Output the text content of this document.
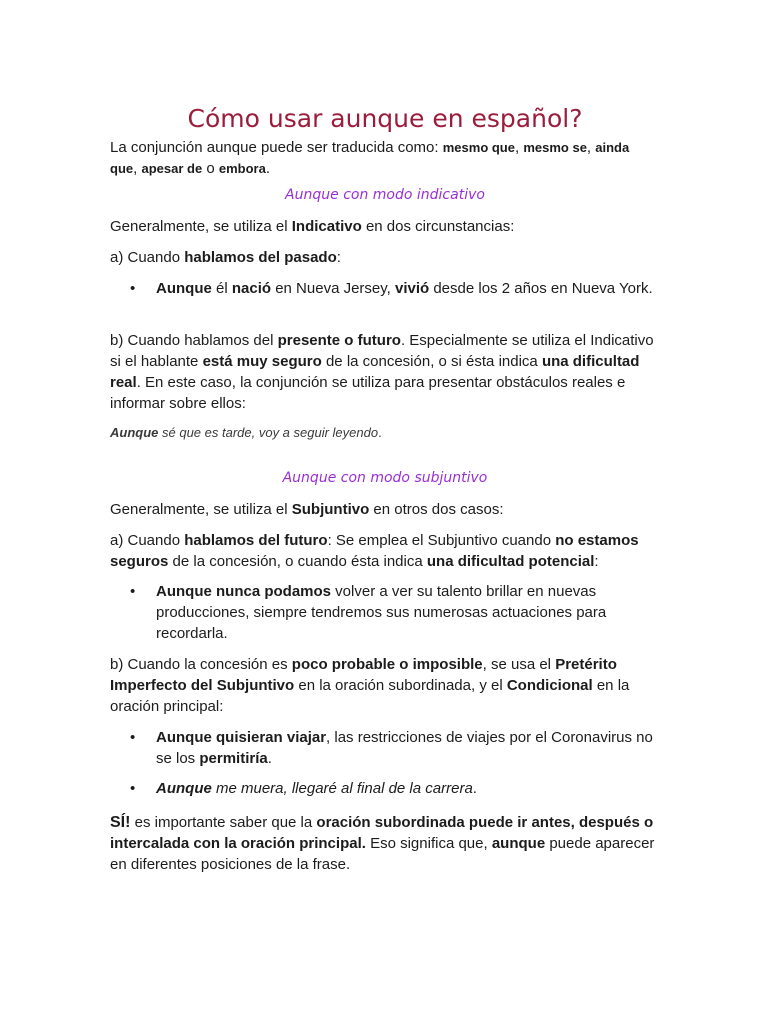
Cómo usar aunque en español?
La conjunción aunque puede ser traducida como: mesmo que, mesmo se, ainda
que, apesar de o embora.
Aunque con modo indicativo
Generalmente, se utiliza el Indicativo en dos circunstancias:
a) Cuando hablamos del pasado:
• Aunque él nació en Nueva Jersey, vivió desde los 2 años en Nueva York.
b) Cuando hablamos del presente o futuro. Especialmente se utiliza el Indicativo si el hablante está muy seguro de la concesión, o si ésta indica una dificultad real. En este caso, la conjunción se utiliza para presentar obstáculos reales e informar sobre ellos:
Aunque sé que es tarde, voy a seguir leyendo.
Aunque con modo subjuntivo
Generalmente, se utiliza el Subjuntivo en otros dos casos:
a) Cuando hablamos del futuro: Se emplea el Subjuntivo cuando no estamos seguros de la concesión, o cuando ésta indica una dificultad potencial:
• Aunque nunca podamos volver a ver su talento brillar en nuevas producciones, siempre tendremos sus numerosas actuaciones para recordarla.
b) Cuando la concesión es poco probable o imposible, se usa el Pretérito Imperfecto del Subjuntivo en la oración subordinada, y el Condicional en la oración principal:
• Aunque quisieran viajar, las restricciones de viajes por el Coronavirus no se los permitiría.
• Aunque me muera, llegaré al final de la carrera.
SÍ! es importante saber que la oración subordinada puede ir antes, después o intercalada con la oración principal. Eso significa que, aunque puede aparecer en diferentes posiciones de la frase.
